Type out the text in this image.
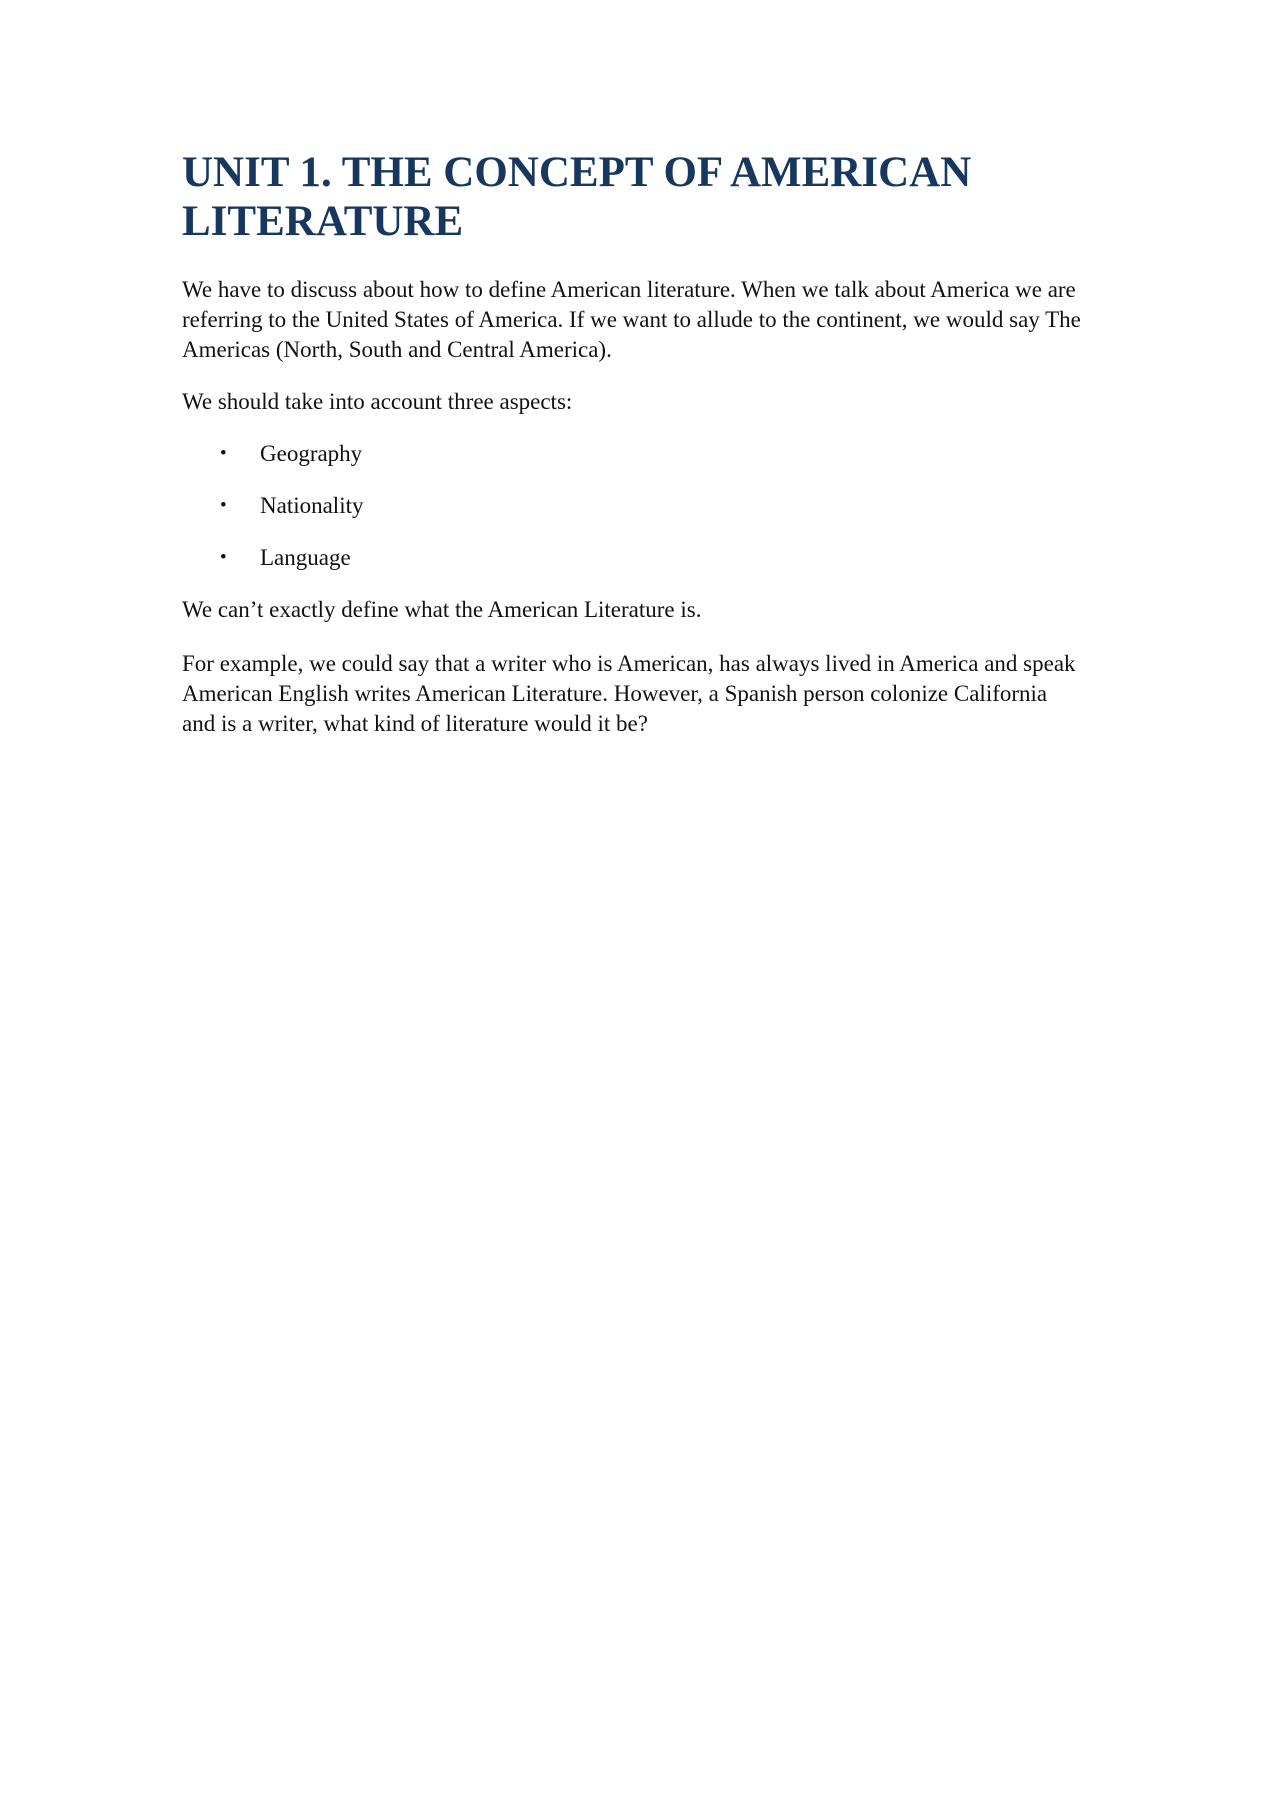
UNIT 1. THE CONCEPT OF AMERICAN LITERATURE

We have to discuss about how to define American literature. When we talk about America we are referring to the United States of America. If we want to allude to the continent, we would say The Americas (North, South and Central America).

We should take into account three aspects:

• Geography
• Nationality
• Language

We can’t exactly define what the American Literature is.

For example, we could say that a writer who is American, has always lived in America and speak American English writes American Literature. However, a Spanish person colonize California and is a writer, what kind of literature would it be?
